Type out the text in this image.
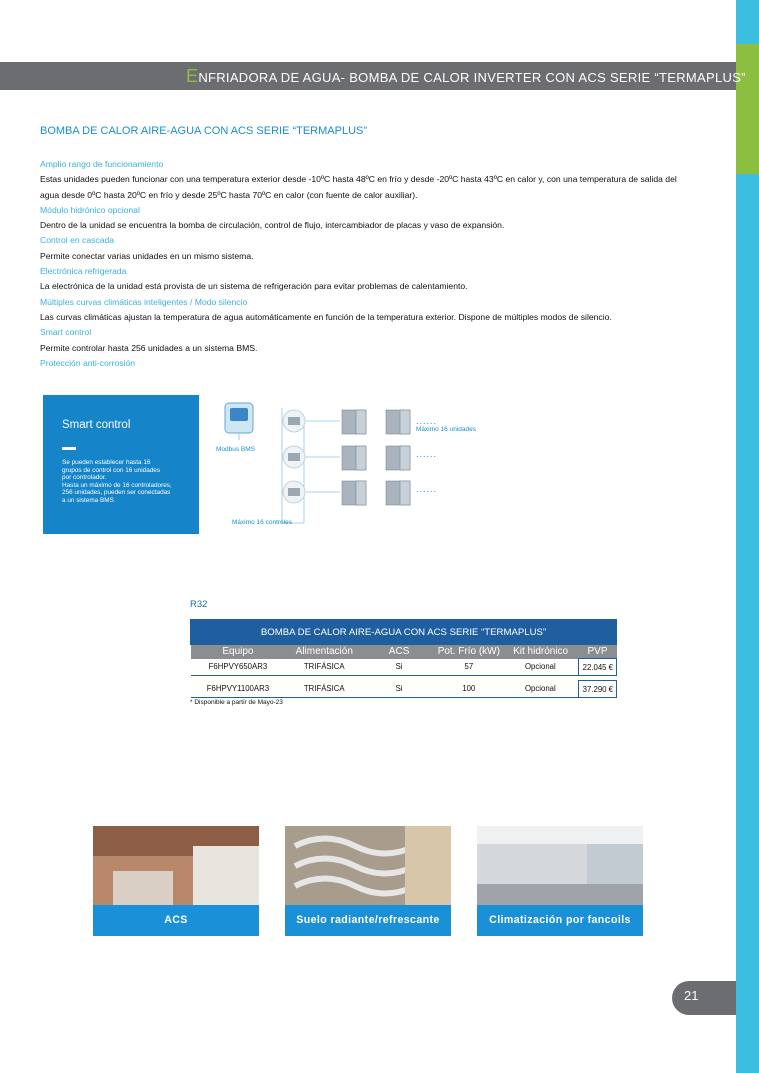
ENFRIADORA DE AGUA- BOMBA DE CALOR INVERTER CON ACS SERIE “TERMAPLUS”
BOMBA DE CALOR AIRE-AGUA CON ACS SERIE “TERMAPLUS”
Amplio rango de funcionamiento
Estas unidades pueden funcionar con una temperatura exterior desde -10ºC hasta 48ºC en frío y desde -20ºC hasta 43ºC en calor y, con una temperatura de salida del agua desde 0ºC hasta 20ºC en frío y desde 25ºC hasta 70ºC en calor (con fuente de calor auxiliar).
Módulo hidrónico opcional
Dentro de la unidad se encuentra la bomba de circulación, control de flujo, intercambiador de placas y vaso de expansión.
Control en cascada
Permite conectar varias unidades en un mismo sistema.
Electrónica refrigerada
La electrónica de la unidad está provista de un sistema de refrigeración para evitar problemas de calentamiento.
Múltiples curvas climáticas inteligentes / Modo silencio
Las curvas climáticas ajustan la temperatura de agua automáticamente en función de la temperatura exterior. Dispone de múltiples modos de silencio.
Smart control
Permite controlar hasta 256 unidades a un sistema BMS.
Protección anti-corrosión
Smart control
Se pueden establecer hasta 16
grupos de control con 16 unidades
por controlador.
Hasta un máximo de 16 controladores,
256 unidades, pueden ser conectadas
a un sistema BMS
Modbus BMS
......
Máximo 16 unidades
......
......
Máximo 16 controles
R32
BOMBA DE CALOR AIRE-AGUA CON ACS SERIE “TERMAPLUS”					
Equipo	Alimentación	ACS	Pot. Frío (kW)	Kit hidrónico	PVP
F6HPVY650AR3	TRIFÁSICA	Si	57	Opcional	22.045 €

F6HPVY1100AR3	TRIFÁSICA	Si	100	Opcional	37.290 €
* Disponible a partir de Mayo-23
ACS	Suelo radiante/refrescante	Climatización por fancoils
21
